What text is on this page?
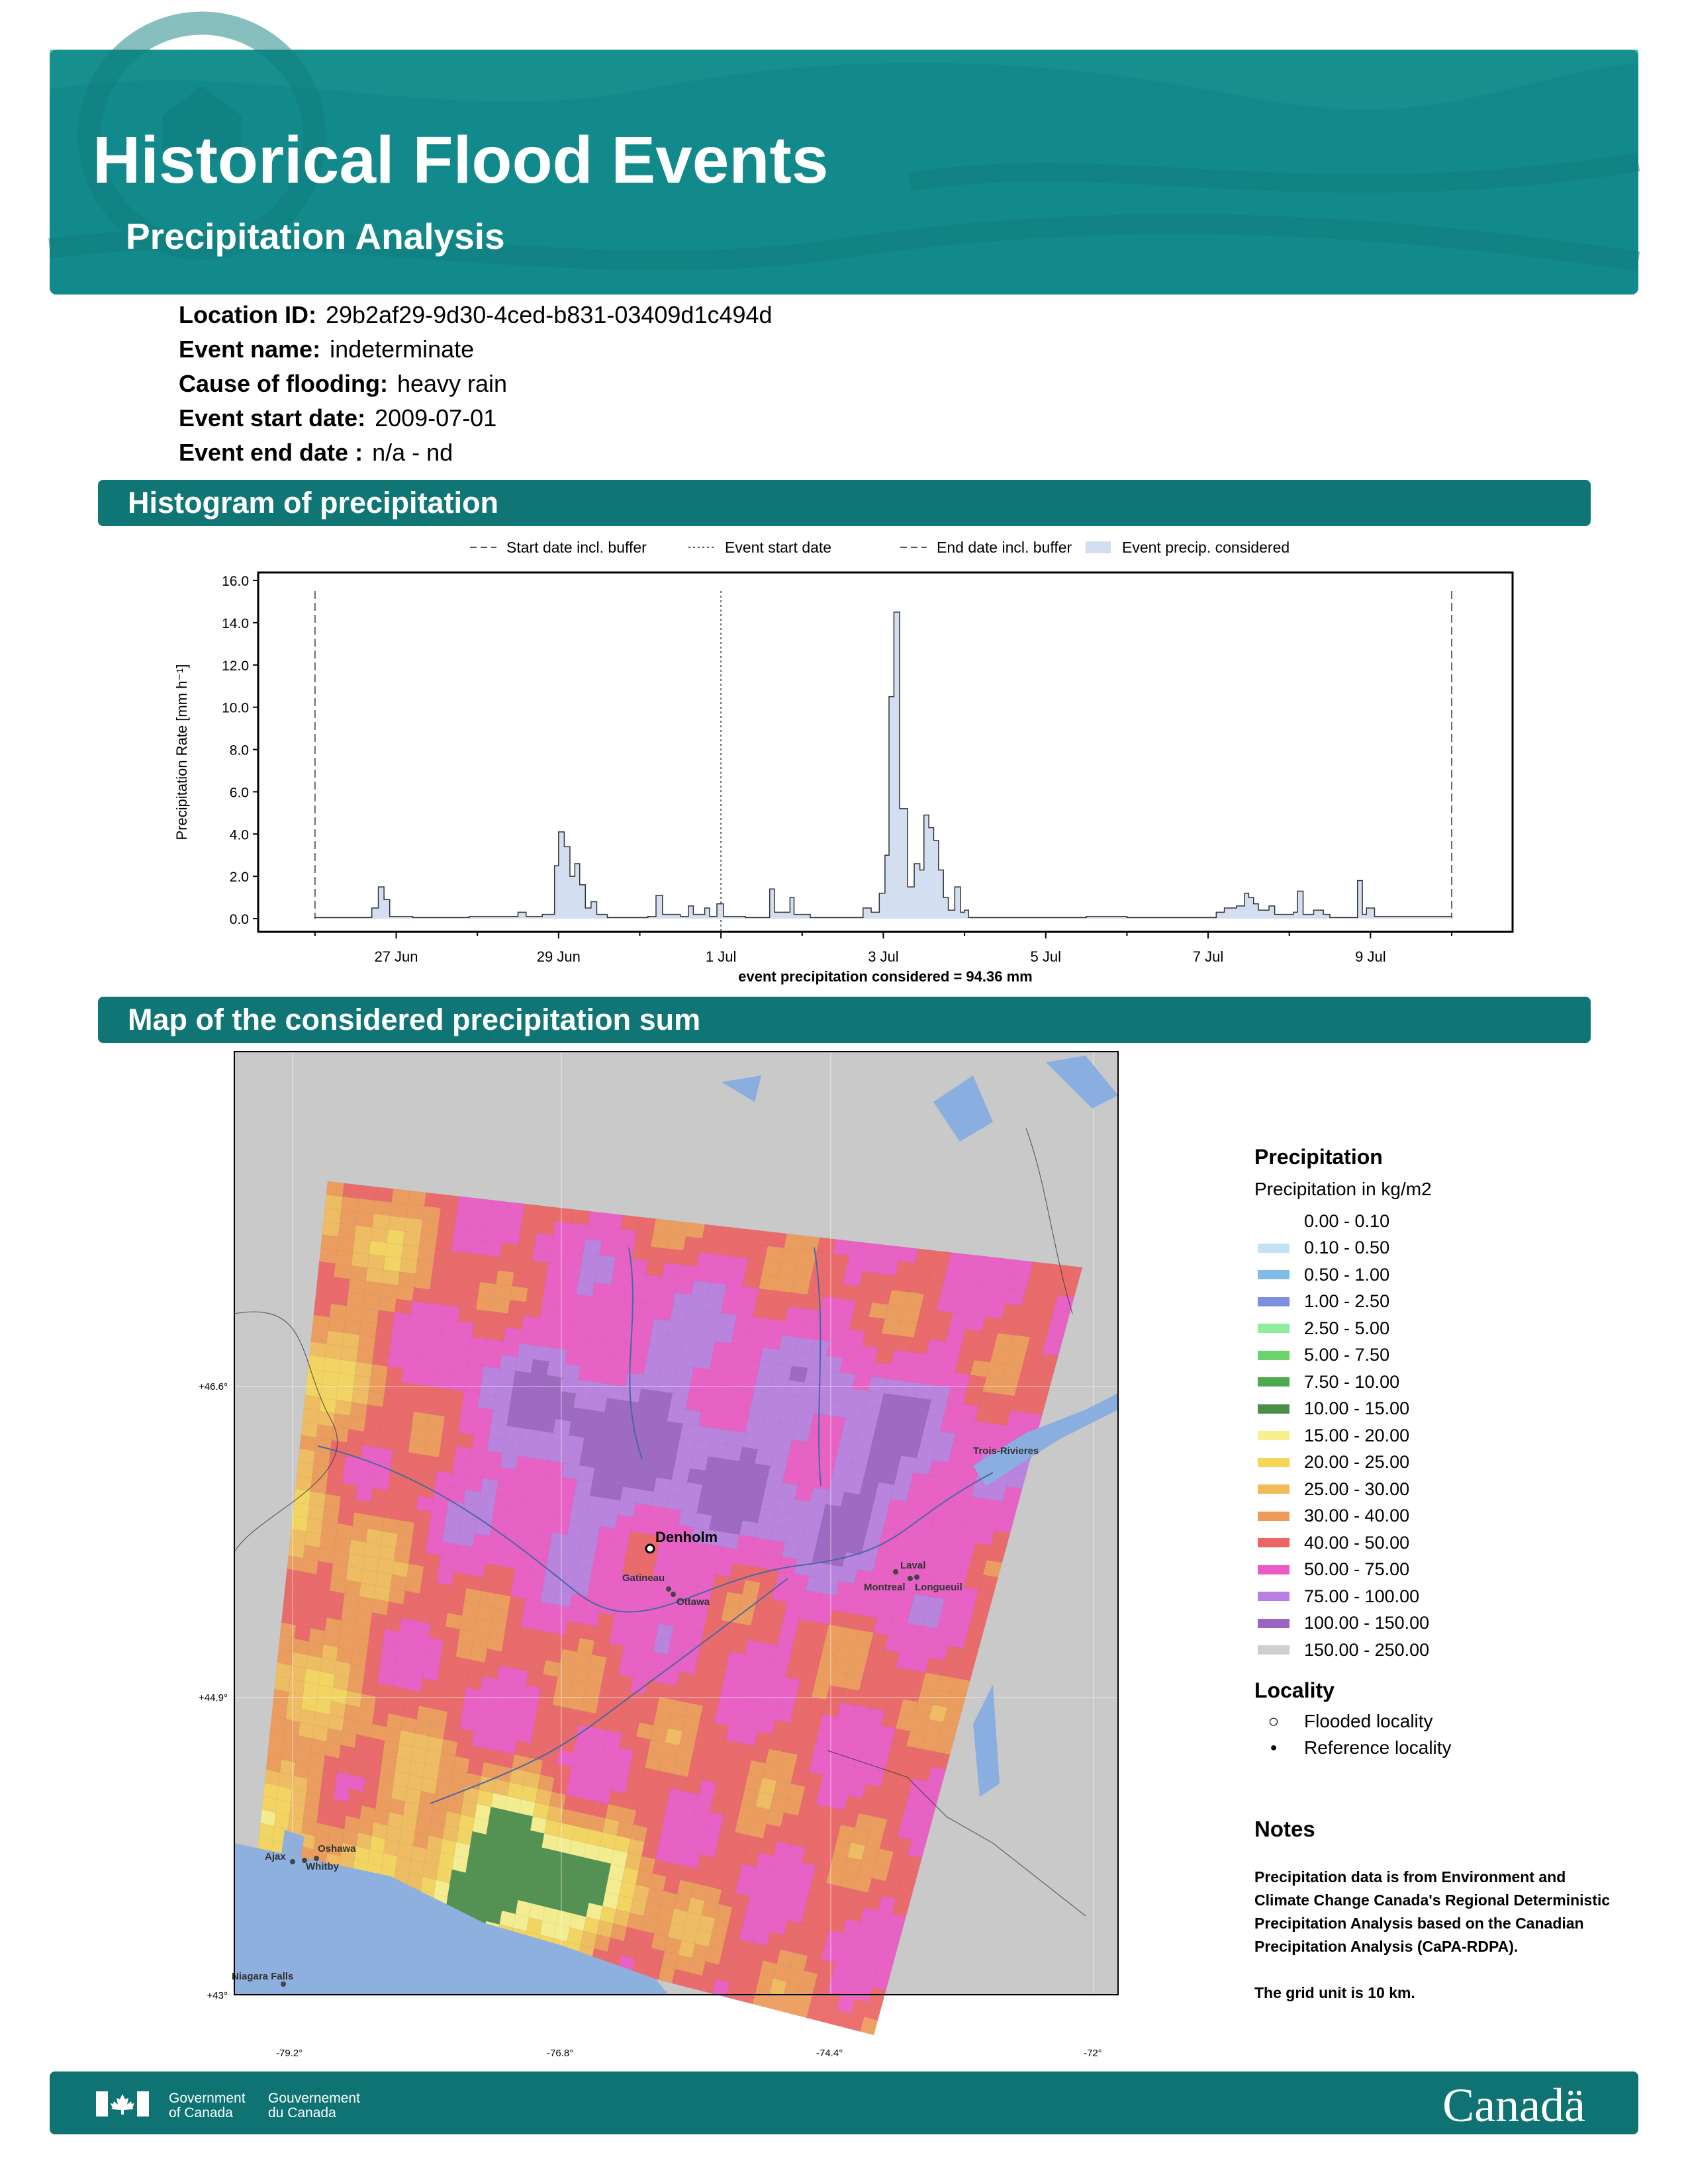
Historical Flood Events
Precipitation Analysis
Location ID: 29b2af29-9d30-4ced-b831-03409d1c494d
Event name: indeterminate
Cause of flooding: heavy rain
Event start date: 2009-07-01
Event end date : n/a - nd
Histogram of precipitation
Start date incl. buffer	Event start date	End date incl. buffer	Event precip. considered
0.0
2.0
4.0
6.0
8.0
10.0
12.0
14.0
16.0
27 Jun	29 Jun	1 Jul	3 Jul	5 Jul	7 Jul	9 Jul
event precipitation considered = 94.36 mm
Precipitation Rate [mm h⁻¹]
Map of the considered precipitation sum
Denholm
Gatineau
Ottawa
Laval
Montreal Longueuil
Trois-Rivieres
Oshawa
Ajax
Whitby
Niagara Falls
+46.6°
+44.9°
+43°
-79.2°	-76.8°	-74.4°	-72°
Precipitation
Precipitation in kg/m2
0.00 - 0.10
0.10 - 0.50
0.50 - 1.00
1.00 - 2.50
2.50 - 5.00
5.00 - 7.50
7.50 - 10.00
10.00 - 15.00
15.00 - 20.00
20.00 - 25.00
25.00 - 30.00
30.00 - 40.00
40.00 - 50.00
50.00 - 75.00
75.00 - 100.00
100.00 - 150.00
150.00 - 250.00
Locality
○	Flooded locality
●	Reference locality
Notes

Precipitation data is from Environment and Climate Change Canada's Regional Deterministic Precipitation Analysis based on the Canadian Precipitation Analysis (CaPA-RDPA).

The grid unit is 10 km.

Government
of Canada
Gouvernement
du Canada	Canadä
